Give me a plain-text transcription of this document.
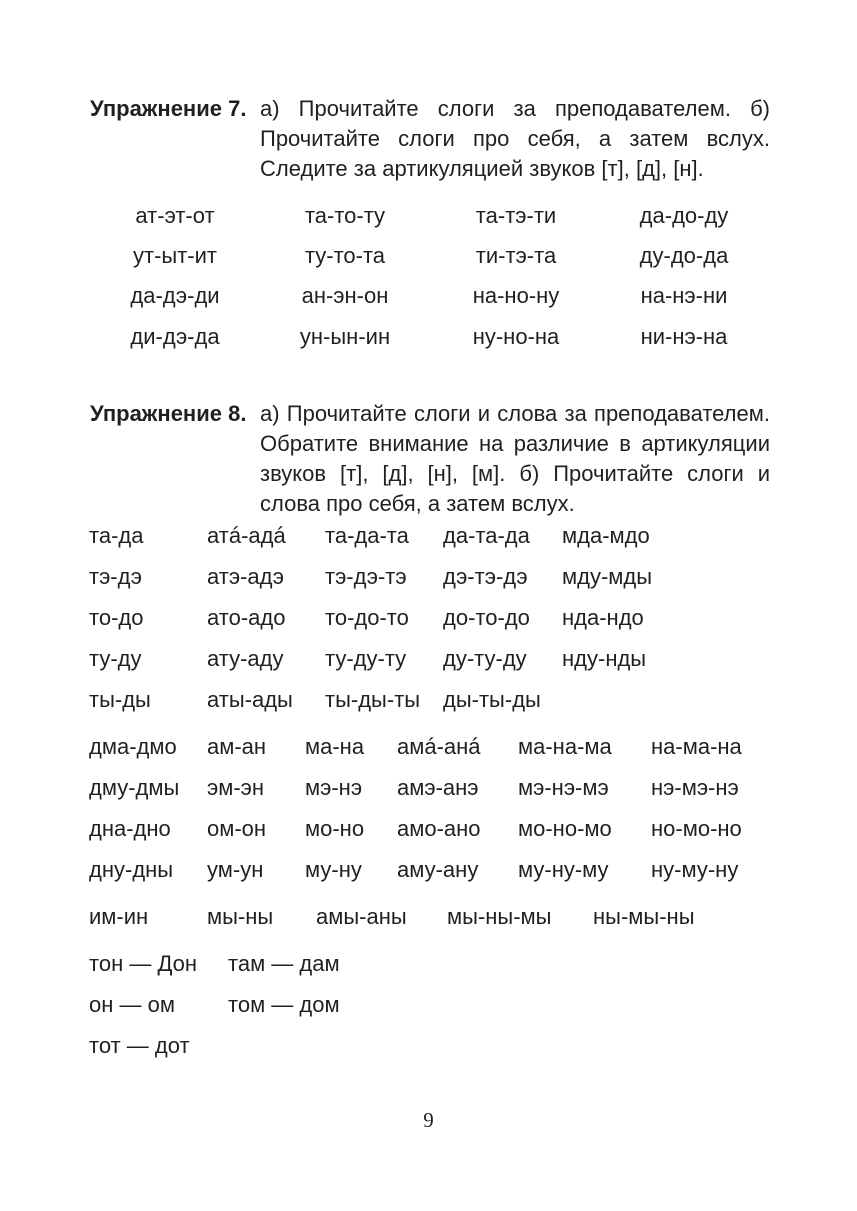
Упражнение 7. а) Прочитайте слоги за преподавателем. б) Прочитайте слоги про себя, а затем вслух. Следите за артикуляцией звуков [т], [д], [н].
ат-эт-от	та-то-ту	та-тэ-ти	да-до-ду
ут-ыт-ит	ту-то-та	ти-тэ-та	ду-до-да
да-дэ-ди	ан-эн-он	на-но-ну	на-нэ-ни
ди-дэ-да	ун-ын-ин	ну-но-на	ни-нэ-на
Упражнение 8. а) Прочитайте слоги и слова за преподавателем. Обратите внимание на различие в артикуляции звуков [т], [д], [н], [м]. б) Прочитайте слоги и слова про себя, а затем вслух.
та-да	атá-адá та-да-та да-та-да мда-мдо
тэ-дэ	атэ-адэ тэ-дэ-тэ дэ-тэ-дэ мду-мды
то-до	ато-адо то-до-то до-то-до нда-ндо
ту-ду	ату-аду ту-ду-ту ду-ту-ду нду-нды
ты-ды	аты-ады ты-ды-ты ды-ты-ды
дма-дмо ам-ан ма-на амá-анá ма-на-ма на-ма-на
дму-дмы эм-эн мэ-нэ амэ-анэ мэ-нэ-мэ нэ-мэ-нэ
дна-дно ом-он мо-но амо-ано мо-но-мо но-мо-но
дну-дны ум-ун му-ну аму-ану му-ну-му ну-му-ну
им-ин	мы-ны амы-аны мы-ны-мы ны-мы-ны
тон — Дон там — дам
он — ом том — дом
тот — дот
9
